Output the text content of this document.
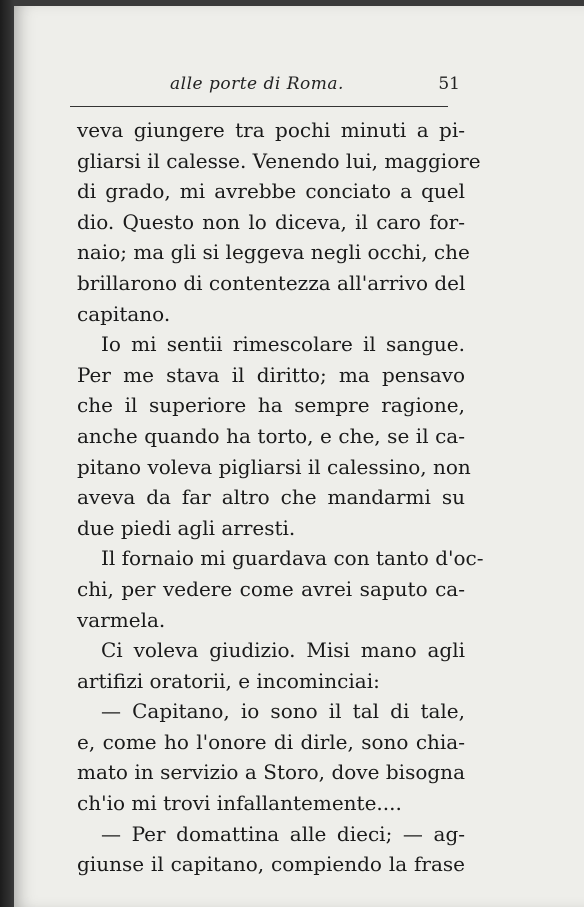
alle porte di Roma.	51
veva giungere tra pochi minuti a pi-
gliarsi il calesse. Venendo lui, maggiore
di grado, mi avrebbe conciato a quel
dio. Questo non lo diceva, il caro for-
naio; ma gli si leggeva negli occhi, che
brillarono di contentezza all'arrivo del
capitano.
Io mi sentii rimescolare il sangue.
Per me stava il diritto; ma pensavo
che il superiore ha sempre ragione,
anche quando ha torto, e che, se il ca-
pitano voleva pigliarsi il calessino, non
aveva da far altro che mandarmi su
due piedi agli arresti.
Il fornaio mi guardava con tanto d'oc-
chi, per vedere come avrei saputo ca-
varmela.
Ci voleva giudizio. Misi mano agli
artifizi oratorii, e incominciai:
— Capitano, io sono il tal di tale,
e, come ho l'onore di dirle, sono chia-
mato in servizio a Storo, dove bisogna
ch'io mi trovi infallantemente....
— Per domattina alle dieci; — ag-
giunse il capitano, compiendo la frase
